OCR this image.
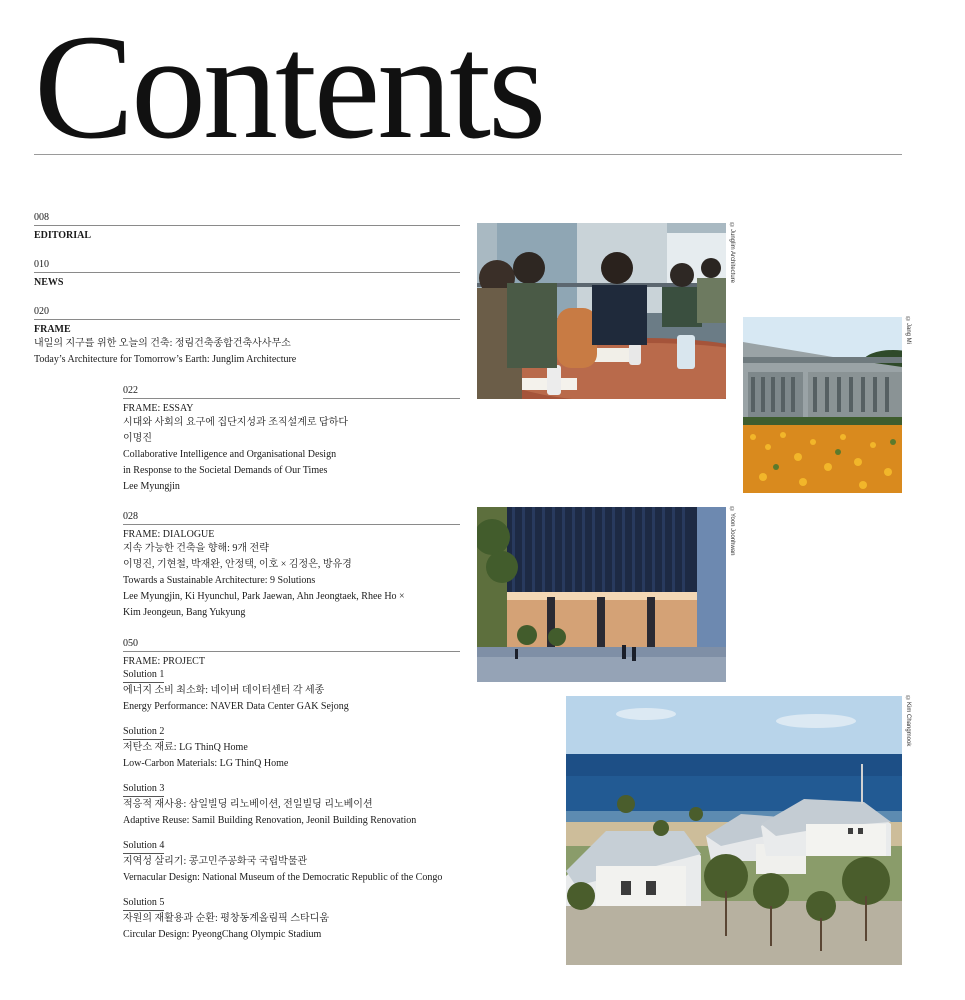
Contents
008
EDITORIAL
010
NEWS
020
FRAME
내일의 지구를 위한 오늘의 건축: 정림건축종합건축사사무소
Today’s Architecture for Tomorrow’s Earth: Junglim Architecture
022
FRAME: ESSAY
시대와 사회의 요구에 집단지성과 조직설계로 답하다
이명진
Collaborative Intelligence and Organisational Design
in Response to the Societal Demands of Our Times
Lee Myungjin
028
FRAME: DIALOGUE
지속 가능한 건축을 향해: 9개 전략
이명진, 기현철, 박재완, 안정택, 이호 × 김정은, 방유경
Towards a Sustainable Architecture: 9 Solutions
Lee Myungjin, Ki Hyunchul, Park Jaewan, Ahn Jeongtaek, Rhee Ho ×
Kim Jeongeun, Bang Yukyung
050
FRAME: PROJECT
Solution 1
에너지 소비 최소화: 네이버 데이터센터 각 세종
Energy Performance: NAVER Data Center GAK Sejong
Solution 2
저탄소 재료: LG ThinQ Home
Low-Carbon Materials: LG ThinQ Home
Solution 3
적응적 재사용: 삼일빌딩 리노베이션, 전일빌딩 리노베이션
Adaptive Reuse: Samil Building Renovation, Jeonil Building Renovation
Solution 4
지역성 살리기: 콩고민주공화국 국립박물관
Vernacular Design: National Museum of the Democratic Republic of the Congo
Solution 5
자원의 재활용과 순환: 평창동계올림픽 스타디움
Circular Design: PyeongChang Olympic Stadium
©Junglim Architecture
©Jang Mi
©Yoon Joonhwan
©Kim Changmook
